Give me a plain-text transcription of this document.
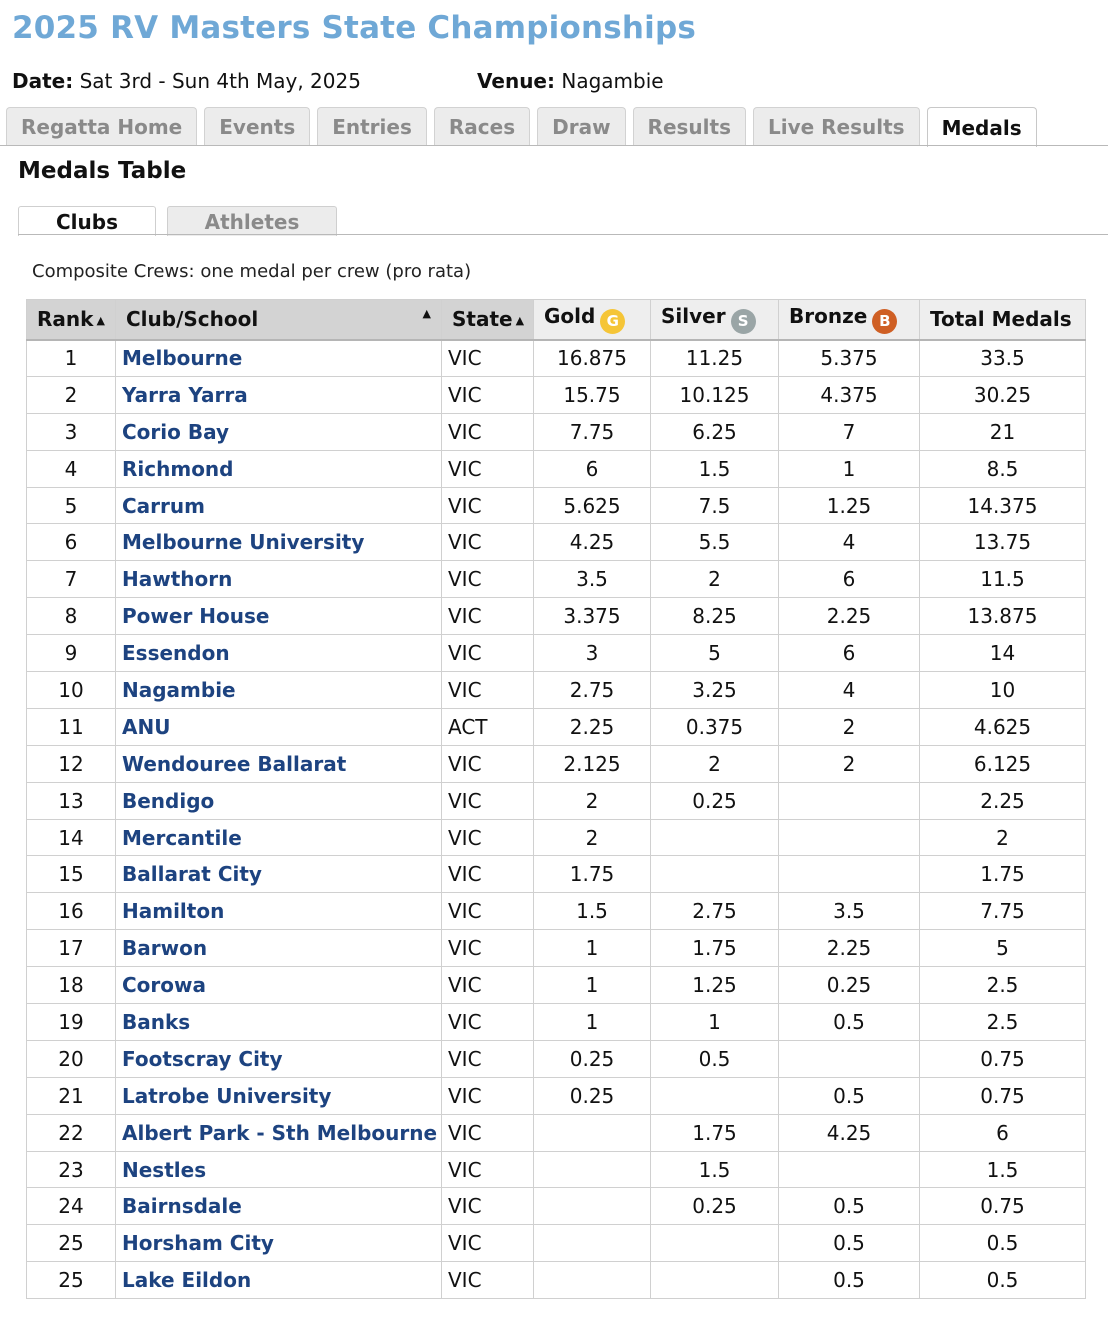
2025 RV Masters State Championships
Date: Sat 3rd - Sun 4th May, 2025	Venue: Nagambie
Regatta Home	Events	Entries	Races	Draw	Results	Live Results	Medals
Medals Table
Clubs	Athletes
Composite Crews: one medal per crew (pro rata)
Rank ▲	Club/School ▲	State ▲	Gold G	Silver S	Bronze B	Total Medals
1	Melbourne	VIC	16.875	11.25	5.375	33.5
2	Yarra Yarra	VIC	15.75	10.125	4.375	30.25
3	Corio Bay	VIC	7.75	6.25	7	21
4	Richmond	VIC	6	1.5	1	8.5
5	Carrum	VIC	5.625	7.5	1.25	14.375
6	Melbourne University	VIC	4.25	5.5	4	13.75
7	Hawthorn	VIC	3.5	2	6	11.5
8	Power House	VIC	3.375	8.25	2.25	13.875
9	Essendon	VIC	3	5	6	14
10	Nagambie	VIC	2.75	3.25	4	10
11	ANU	ACT	2.25	0.375	2	4.625
12	Wendouree Ballarat	VIC	2.125	2	2	6.125
13	Bendigo	VIC	2	0.25		2.25
14	Mercantile	VIC	2			2
15	Ballarat City	VIC	1.75			1.75
16	Hamilton	VIC	1.5	2.75	3.5	7.75
17	Barwon	VIC	1	1.75	2.25	5
18	Corowa	VIC	1	1.25	0.25	2.5
19	Banks	VIC	1	1	0.5	2.5
20	Footscray City	VIC	0.25	0.5		0.75
21	Latrobe University	VIC	0.25		0.5	0.75
22	Albert Park - Sth Melbourne	VIC		1.75	4.25	6
23	Nestles	VIC		1.5		1.5
24	Bairnsdale	VIC		0.25	0.5	0.75
25	Horsham City	VIC			0.5	0.5
25	Lake Eildon	VIC			0.5	0.5
